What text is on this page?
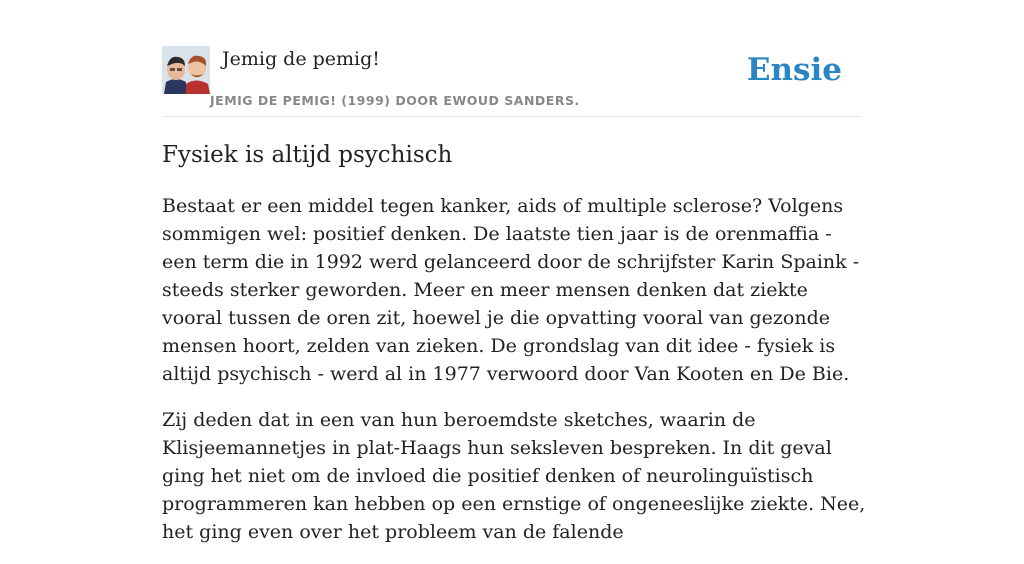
Jemig de pemig!
JEMIG DE PEMIG! (1999) DOOR EWOUD SANDERS.
Ensie
Fysiek is altijd psychisch

Bestaat er een middel tegen kanker, aids of multiple sclerose? Volgens sommigen wel: positief denken. De laatste tien jaar is de orenmaffia - een term die in 1992 werd gelanceerd door de schrijfster Karin Spaink - steeds sterker geworden. Meer en meer mensen denken dat ziekte vooral tussen de oren zit, hoewel je die opvatting vooral van gezonde mensen hoort, zelden van zieken. De grondslag van dit idee - fysiek is altijd psychisch - werd al in 1977 verwoord door Van Kooten en De Bie.

Zij deden dat in een van hun beroemdste sketches, waarin de Klisjeemannetjes in plat-Haags hun seksleven bespreken. In dit geval ging het niet om de invloed die positief denken of neurolinguïstisch programmeren kan hebben op een ernstige of ongeneeslijke ziekte. Nee, het ging even over het probleem van de falende
